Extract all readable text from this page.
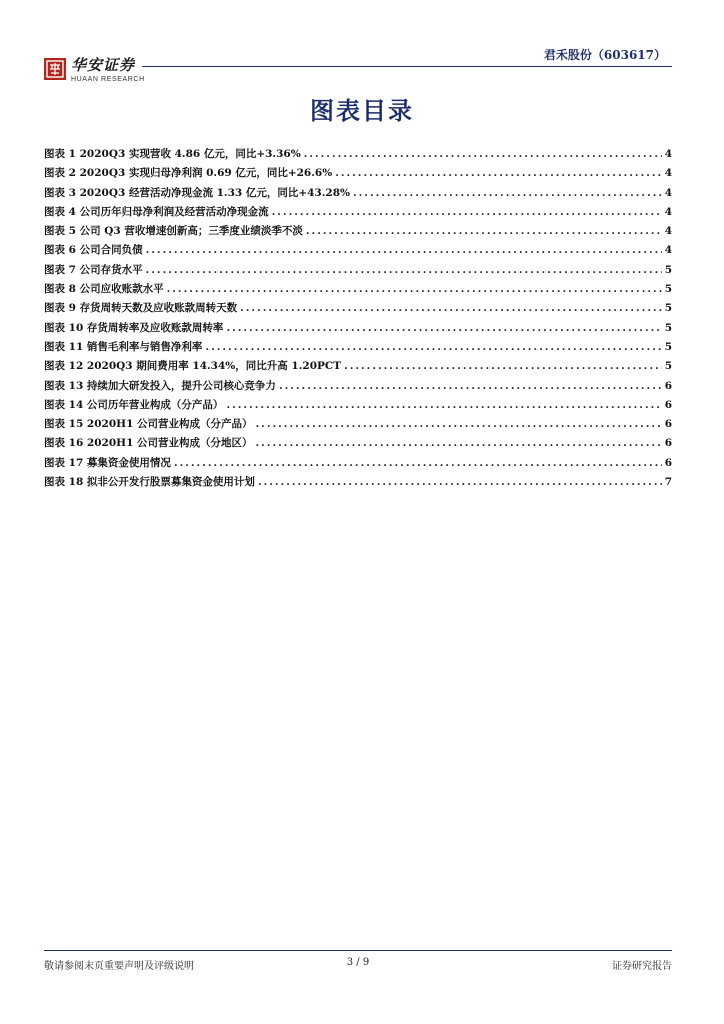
华安证券
HUAAN RESEARCH
君禾股份（603617）
图表目录
图表 1 2020Q3 实现营收 4.86 亿元，同比+3.36% .....	4
图表 2 2020Q3 实现归母净利润 0.69 亿元，同比+26.6% .....	4
图表 3 2020Q3 经营活动净现金流 1.33 亿元，同比+43.28% .....	4
图表 4 公司历年归母净利润及经营活动净现金流 .....	4
图表 5 公司 Q3 营收增速创新高；三季度业绩淡季不淡 .....	4
图表 6 公司合同负债 .....	4
图表 7 公司存货水平 .....	5
图表 8 公司应收账款水平 .....	5
图表 9 存货周转天数及应收账款周转天数 .....	5
图表 10 存货周转率及应收账款周转率 .....	5
图表 11 销售毛利率与销售净利率 .....	5
图表 12 2020Q3 期间费用率 14.34%，同比升高 1.20PCT .....	5
图表 13 持续加大研发投入，提升公司核心竞争力 .....	6
图表 14 公司历年营业构成（分产品） .....	6
图表 15 2020H1 公司营业构成（分产品） .....	6
图表 16 2020H1 公司营业构成（分地区） .....	6
图表 17 募集资金使用情况 .....	6
图表 18 拟非公开发行股票募集资金使用计划 .....	7
敬请参阅末页重要声明及评级说明	3 / 9	证券研究报告
